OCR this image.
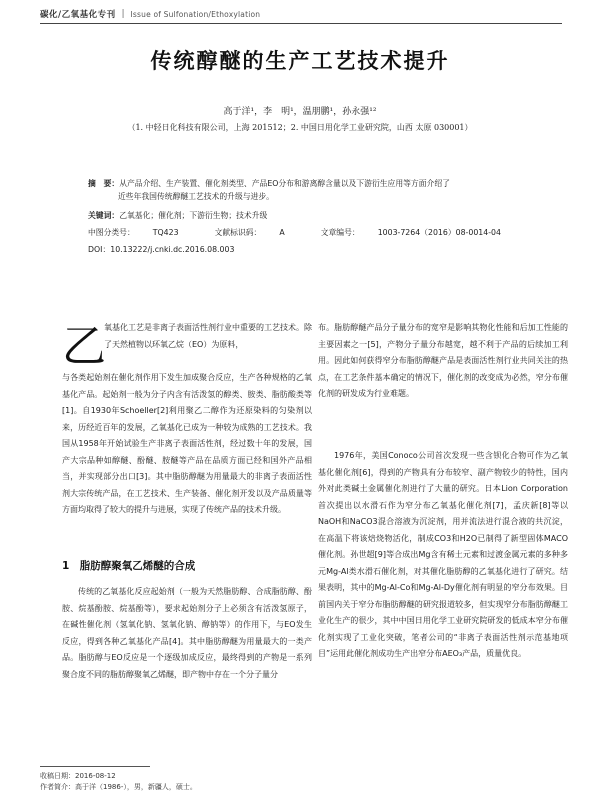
碳化/乙氧基化专刊 | Issue of Sulfonation/Ethoxylation
传统醇醚的生产工艺技术提升
高于洋¹，李　明¹，温朋鹏¹，孙永强¹²
（1. 中轻日化科技有限公司，上海 201512；2. 中国日用化学工业研究院，山西 太原 030001）
摘　要：从产品介绍、生产装置、催化剂类型、产品EO分布和游离醇含量以及下游衍生应用等方面介绍了
近些年我国传统醇醚工艺技术的升级与进步。
关键词：乙氧基化；催化剂；下游衍生物；技术升级
中图分类号： TQ423	文献标识码： A	文章编号： 1003-7264（2016）08-0014-04
DOI：10.13222/j.cnki.dc.2016.08.003
乙
氧基化工艺是非离子表面活性剂行业中重要的工艺技术。除了天然植物以环氧乙烷（EO）为原料，
与各类起始剂在催化剂作用下发生加成聚合反应，生产各种规格的乙氧基化产品。起始剂一般为分子内含有活泼氢的醇类、胺类、脂肪酸类等[1]。自1930年Schoeller[2]利用聚乙二醇作为还原染料的匀染剂以来，历经近百年的发展，乙氧基化已成为一种较为成熟的工艺技术。我国从1958年开始试验生产非离子表面活性剂，经过数十年的发展，国产大宗品种如醇醚、酚醚、胺醚等产品在品质方面已经和国外产品相当，并实现部分出口[3]。其中脂肪醇醚为用量最大的非离子表面活性剂大宗传统产品，在工艺技术、生产装备、催化剂开发以及产品质量等方面均取得了较大的提升与进展，实现了传统产品的技术升级。
1　脂肪醇聚氧乙烯醚的合成
传统的乙氧基化反应起始剂（一般为天然脂肪醇、合成脂肪醇、酚胺、烷基酚胺、烷基酚等），要求起始剂分子上必须含有活泼氢原子，在碱性催化剂（氢氧化钠、氢氧化钠、醇钠等）的作用下，与EO发生反应，得到各种乙氧基化产品[4]。其中脂肪醇醚为用量最大的一类产品。脂肪醇与EO反应是一个逐级加成反应，最终得到的产物是一系列聚合度不同的脂肪醇聚氧乙烯醚，即产物中存在一个分子量分
布。脂肪醇醚产品分子量分布的宽窄是影响其物化性能和后加工性能的主要因素之一[5]，产物分子量分布越宽，越不利于产品的后续加工利用。因此如何获得窄分布脂肪醇醚产品是表面活性剂行业共同关注的热点，在工艺条件基本确定的情况下，催化剂的改变成为必然，窄分布催化剂的研发成为行业难题。
1976年，美国Conoco公司首次发现一些含钡化合物可作为乙氧基化催化剂[6]，得到的产物具有分布较窄、副产物较少的特性，国内外对此类碱土金属催化剂进行了大量的研究。日本Lion Corporation首次提出以水滑石作为窄分布乙氧基化催化剂[7]，孟庆新[8]等以NaOH和NaCO3混合溶液为沉淀剂，用并流法进行混合液的共沉淀，在高温下将该焙烧物活化，制成CO3和H2O已制得了新型固体MACO催化剂。孙世超[9]等合成出Mg含有稀土元素和过渡金属元素的多种多元Mg-Al类水滑石催化剂，对其催化脂肪醇的乙氧基化进行了研究。结果表明，其中的Mg-Al-Co和Mg-Al-Dy催化剂有明显的窄分布效果。目前国内关于窄分布脂肪醇醚的研究报道较多，但实现窄分布脂肪醇醚工业化生产的很少，其中中国日用化学工业研究院研发的低成本窄分布催化剂实现了工业化突破，笔者公司的“非离子表面活性剂示范基地项目”运用此催化剂成功生产出窄分布AEO₃产品，质量优良。
收稿日期：2016-08-12
作者简介：高于洋（1986-），男，新疆人，硕士。
